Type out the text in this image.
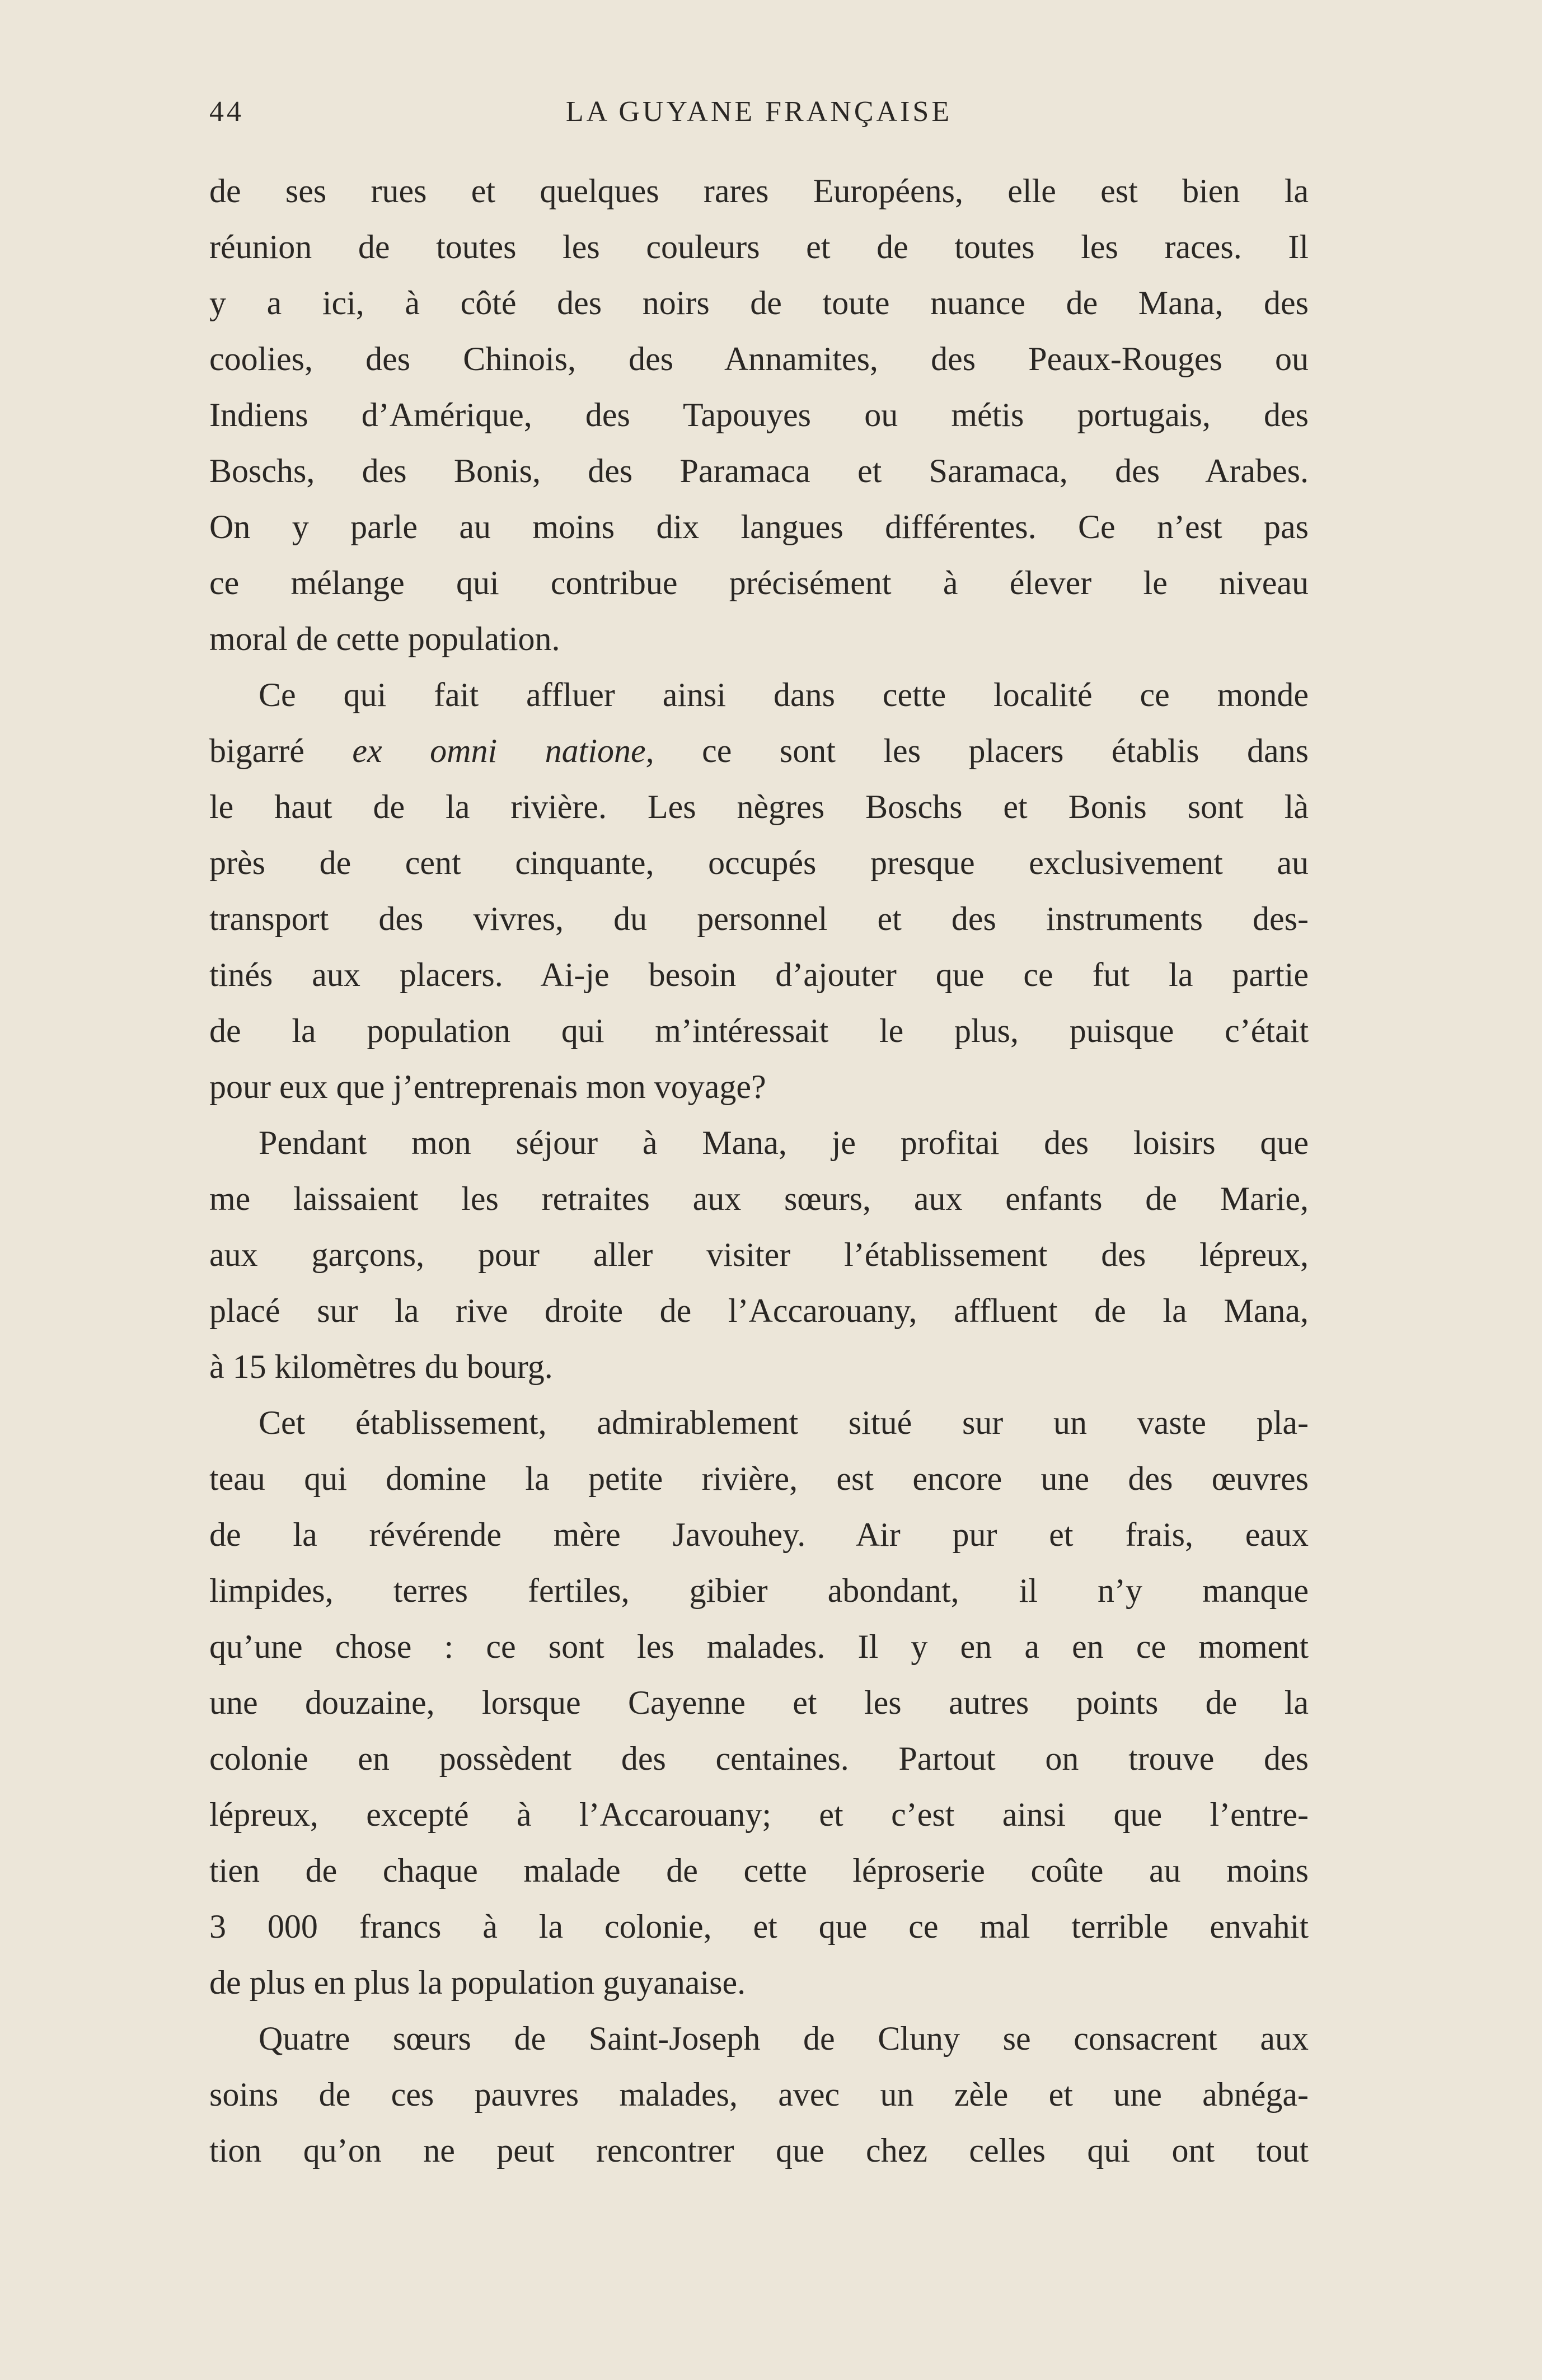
44	LA GUYANE FRANÇAISE
de ses rues et quelques rares Européens, elle est bien la
réunion de toutes les couleurs et de toutes les races. Il
y a ici, à côté des noirs de toute nuance de Mana, des
coolies, des Chinois, des Annamites, des Peaux-Rouges ou
Indiens d’Amérique, des Tapouyes ou métis portugais, des
Boschs, des Bonis, des Paramaca et Saramaca, des Arabes.
On y parle au moins dix langues différentes. Ce n’est pas
ce mélange qui contribue précisément à élever le niveau
moral de cette population.
Ce qui fait affluer ainsi dans cette localité ce monde
bigarré ex omni natione, ce sont les placers établis dans
le haut de la rivière. Les nègres Boschs et Bonis sont là
près de cent cinquante, occupés presque exclusivement au
transport des vivres, du personnel et des instruments des-
tinés aux placers. Ai-je besoin d’ajouter que ce fut la partie
de la population qui m’intéressait le plus, puisque c’était
pour eux que j’entreprenais mon voyage?
Pendant mon séjour à Mana, je profitai des loisirs que
me laissaient les retraites aux sœurs, aux enfants de Marie,
aux garçons, pour aller visiter l’établissement des lépreux,
placé sur la rive droite de l’Accarouany, affluent de la Mana,
à 15 kilomètres du bourg.
Cet établissement, admirablement situé sur un vaste pla-
teau qui domine la petite rivière, est encore une des œuvres
de la révérende mère Javouhey. Air pur et frais, eaux
limpides, terres fertiles, gibier abondant, il n’y manque
qu’une chose : ce sont les malades. Il y en a en ce moment
une douzaine, lorsque Cayenne et les autres points de la
colonie en possèdent des centaines. Partout on trouve des
lépreux, excepté à l’Accarouany; et c’est ainsi que l’entre-
tien de chaque malade de cette léproserie coûte au moins
3 000 francs à la colonie, et que ce mal terrible envahit
de plus en plus la population guyanaise.
Quatre sœurs de Saint-Joseph de Cluny se consacrent aux
soins de ces pauvres malades, avec un zèle et une abnéga-
tion qu’on ne peut rencontrer que chez celles qui ont tout
